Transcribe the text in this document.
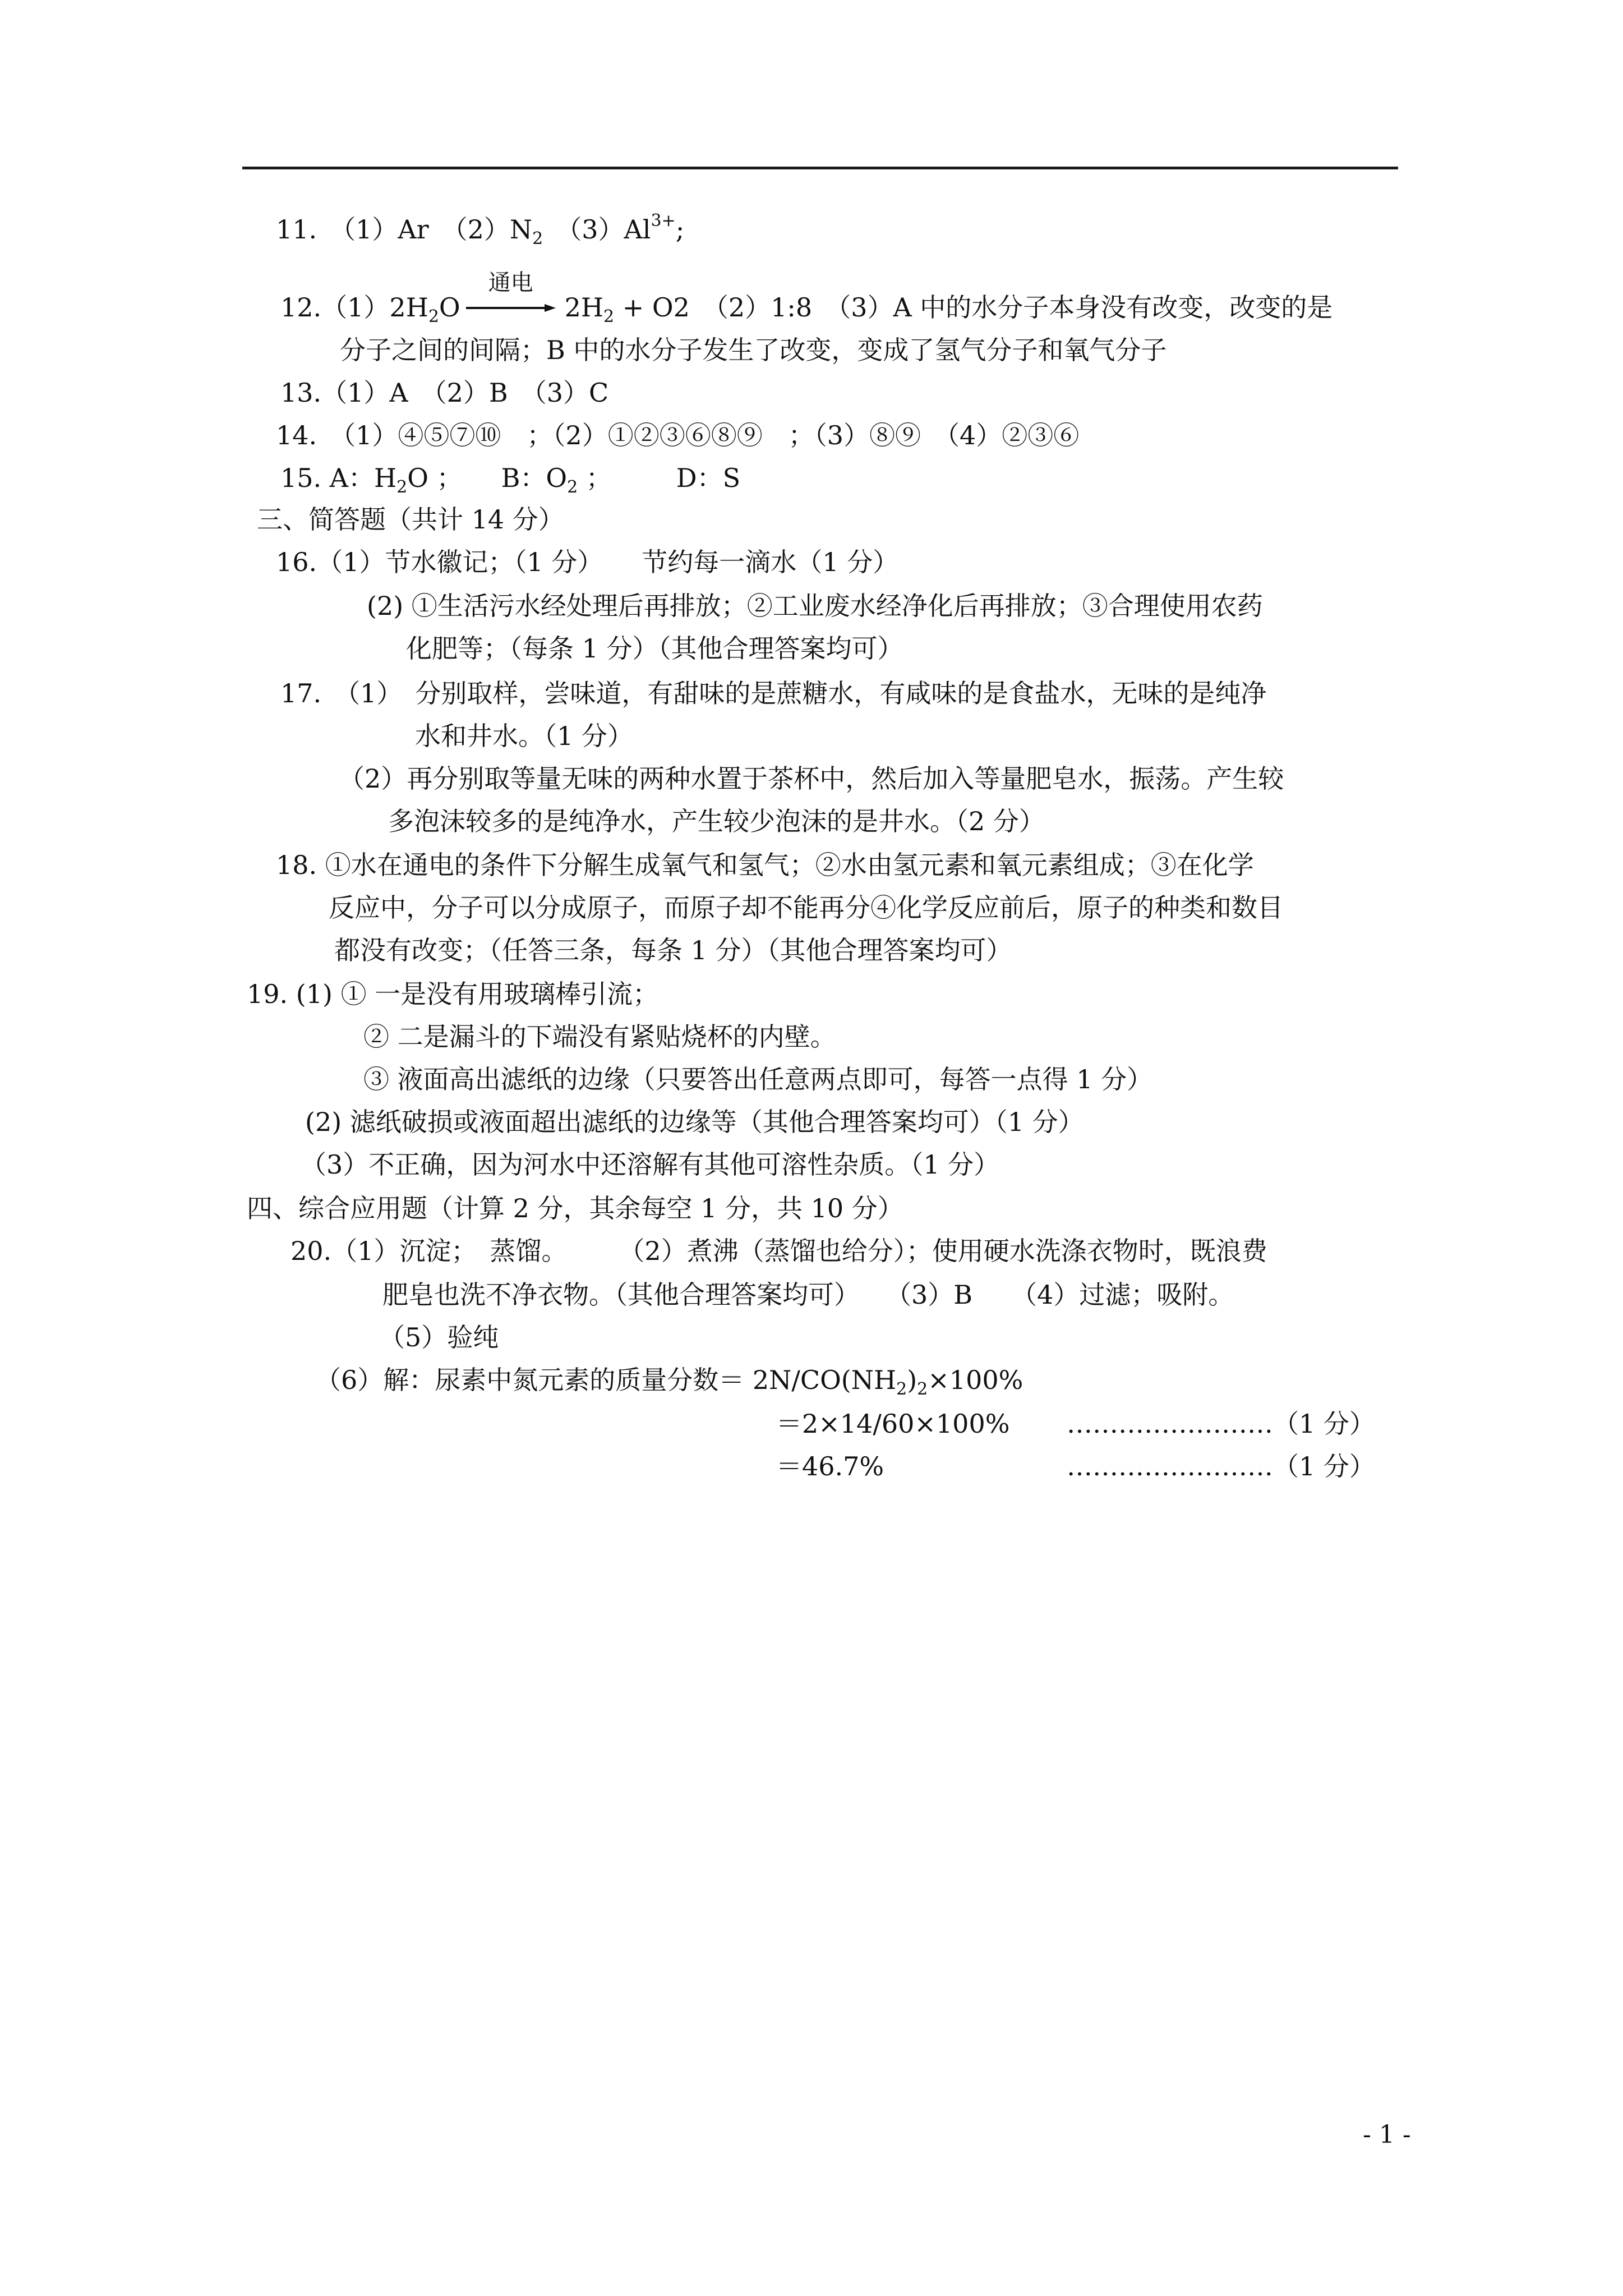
11.　 （1）Ar　 $(2)N_2$　 $(3)Al^{3+}$;
$12.(1)2H_2O$
通电
$2H_2 + O2$　 （2）1:8　 （3）A 中的水分子本身没有改变，改变的是
分子之间的间隔；B 中的水分子发生了改变，变成了氢气分子和氧气分子
13.（1）A　（2）B　（3）C
14.　 （1）④⑤⑦⑩　；（2）①②③⑥⑧⑨　；（3）⑧⑨　（4）②③⑥
15. A：$H_2O$ ；　　 B：$O_2$ ；　　　	D：S
三、简答题（共计 14 分）
16.（1）节水徽记；（1 分）　　节约每一滴水（1 分）
(2) ①生活污水经处理后再排放；②工业废水经净化后再排放；③合理使用农药
化肥等；（每条 1 分）（其他合理答案均可）
17.　 （1）　分别取样，尝味道，有甜味的是蔗糖水，有咸味的是食盐水，无味的是纯净
水和井水。（1 分）
（2）再分别取等量无味的两种水置于茶杯中，然后加入等量肥皂水，振荡。产生较
多泡沫较多的是纯净水，产生较少泡沫的是井水。（2 分）
18. ①水在通电的条件下分解生成氧气和氢气；②水由氢元素和氧元素组成；③在化学
反应中，分子可以分成原子，而原子却不能再分④化学反应前后，原子的种类和数目
都没有改变；（任答三条，每条 1 分）（其他合理答案均可）
19. (1) ① 一是没有用玻璃棒引流；
② 二是漏斗的下端没有紧贴烧杯的内壁。
③ 液面高出滤纸的边缘（只要答出任意两点即可，每答一点得 1 分）
(2) 滤纸破损或液面超出滤纸的边缘等（其他合理答案均可）（1 分）
（3）不正确，因为河水中还溶解有其他可溶性杂质。（1 分）
四、综合应用题（计算 2 分，其余每空 1 分，共 10 分）
20.（1）沉淀；　蒸馏。　　　（2）煮沸（蒸馏也给分）；使用硬水洗涤衣物时，既浪费
肥皂也洗不净衣物。（其他合理答案均可）　　（3）B　　（4）过滤；吸附。
（5）验纯
（6）解：尿素中氮元素的质量分数＝ $2N/CO(NH_2)_2\times 100\%$
＝2×14/60×100% ……………………（1 分）
＝46.7%	……………………（1 分）
- 1 -
